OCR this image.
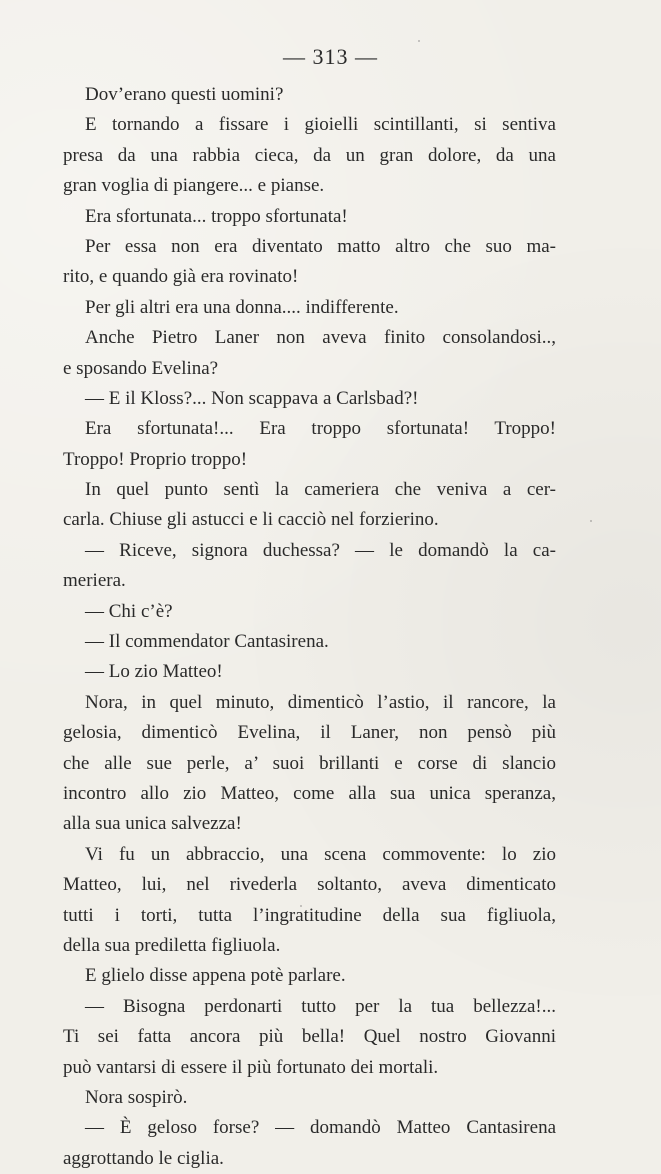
— 313 —
Dov’erano questi uomini?
E tornando a fissare i gioielli scintillanti, si sentiva
presa da una rabbia cieca, da un gran dolore, da una
gran voglia di piangere... e pianse.
Era sfortunata... troppo sfortunata!
Per essa non era diventato matto altro che suo ma-
rito, e quando già era rovinato!
Per gli altri era una donna.... indifferente.
Anche Pietro Laner non aveva finito consolandosi..,
e sposando Evelina?
— E il Kloss?... Non scappava a Carlsbad?!
Era sfortunata!... Era troppo sfortunata! Troppo!
Troppo! Proprio troppo!
In quel punto sentì la cameriera che veniva a cer-
carla. Chiuse gli astucci e li cacciò nel forzierino.
— Riceve, signora duchessa? — le domandò la ca-
meriera.
— Chi c’è?
— Il commendator Cantasirena.
— Lo zio Matteo!
Nora, in quel minuto, dimenticò l’astio, il rancore, la
gelosia, dimenticò Evelina, il Laner, non pensò più
che alle sue perle, a’ suoi brillanti e corse di slancio
incontro allo zio Matteo, come alla sua unica speranza,
alla sua unica salvezza!
Vi fu un abbraccio, una scena commovente: lo zio
Matteo, lui, nel rivederla soltanto, aveva dimenticato
tutti i torti, tutta l’ingratitudine della sua figliuola,
della sua prediletta figliuola.
E glielo disse appena potè parlare.
— Bisogna perdonarti tutto per la tua bellezza!...
Ti sei fatta ancora più bella! Quel nostro Giovanni
può vantarsi di essere il più fortunato dei mortali.
Nora sospirò.
— È geloso forse? — domandò Matteo Cantasirena
aggrottando le ciglia.
